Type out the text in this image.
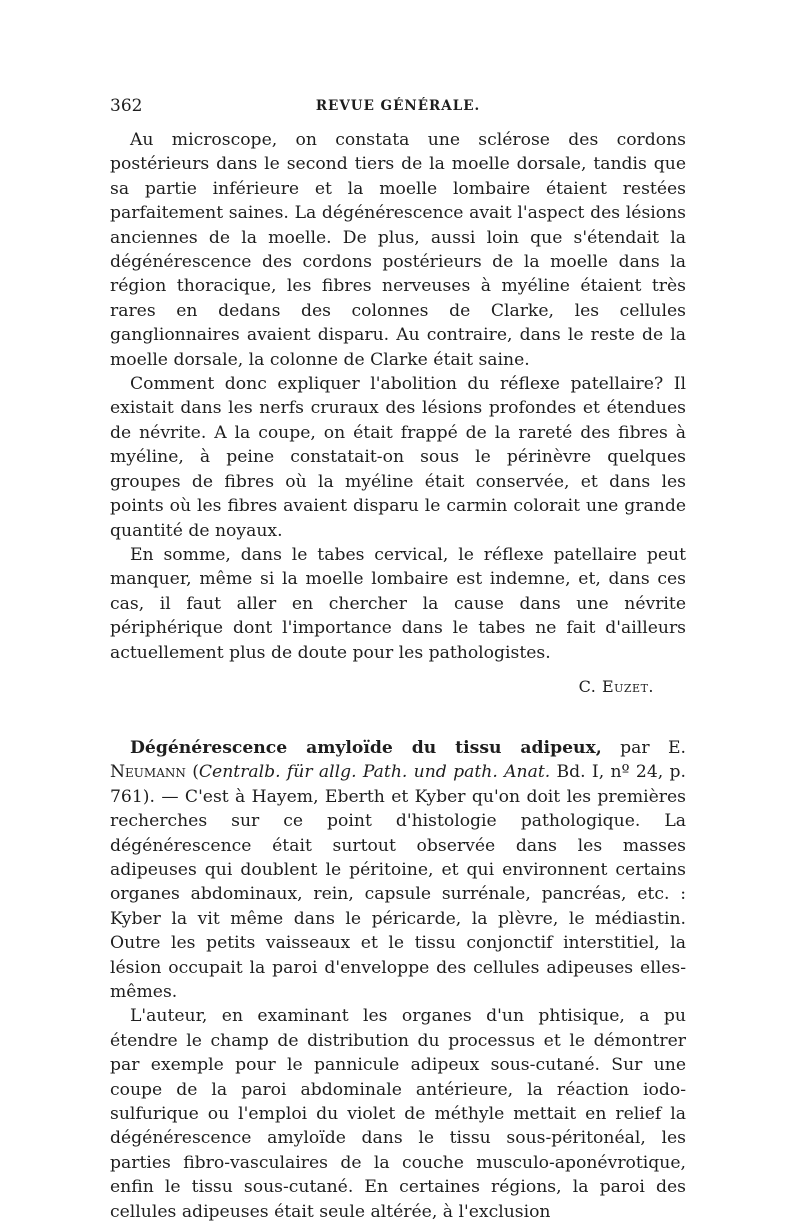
362	REVUE GÉNÉRALE.

Au microscope, on constata une sclérose des cordons postérieurs dans le second tiers de la moelle dorsale, tandis que sa partie inférieure et la moelle lombaire étaient restées parfaitement saines. La dégénérescence avait l'aspect des lésions anciennes de la moelle. De plus, aussi loin que s'étendait la dégénérescence des cordons postérieurs de la moelle dans la région thoracique, les fibres nerveuses à myéline étaient très rares en dedans des colonnes de Clarke, les cellules ganglionnaires avaient disparu. Au contraire, dans le reste de la moelle dorsale, la colonne de Clarke était saine.

Comment donc expliquer l'abolition du réflexe patellaire? Il existait dans les nerfs cruraux des lésions profondes et étendues de névrite. A la coupe, on était frappé de la rareté des fibres à myéline, à peine constatait-on sous le périnèvre quelques groupes de fibres où la myéline était conservée, et dans les points où les fibres avaient disparu le carmin colorait une grande quantité de noyaux.

En somme, dans le tabes cervical, le réflexe patellaire peut manquer, même si la moelle lombaire est indemne, et, dans ces cas, il faut aller en chercher la cause dans une névrite périphérique dont l'importance dans le tabes ne fait d'ailleurs actuellement plus de doute pour les pathologistes.

C. Euzet.

Dégénérescence amyloïde du tissu adipeux, par E. Neumann (Centralb. für allg. Path. und path. Anat. Bd. I, nº 24, p. 761). — C'est à Hayem, Eberth et Kyber qu'on doit les premières recherches sur ce point d'histologie pathologique. La dégénérescence était surtout observée dans les masses adipeuses qui doublent le péritoine, et qui environnent certains organes abdominaux, rein, capsule surrénale, pancréas, etc. : Kyber la vit même dans le péricarde, la plèvre, le médiastin. Outre les petits vaisseaux et le tissu conjonctif interstitiel, la lésion occupait la paroi d'enveloppe des cellules adipeuses elles-mêmes.

L'auteur, en examinant les organes d'un phtisique, a pu étendre le champ de distribution du processus et le démontrer par exemple pour le pannicule adipeux sous-cutané. Sur une coupe de la paroi abdominale antérieure, la réaction iodo-sulfurique ou l'emploi du violet de méthyle mettait en relief la dégénérescence amyloïde dans le tissu sous-péritonéal, les parties fibro-vasculaires de la couche musculo-aponévrotique, enfin le tissu sous-cutané. En certaines régions, la paroi des cellules adipeuses était seule altérée, à l'exclusion
